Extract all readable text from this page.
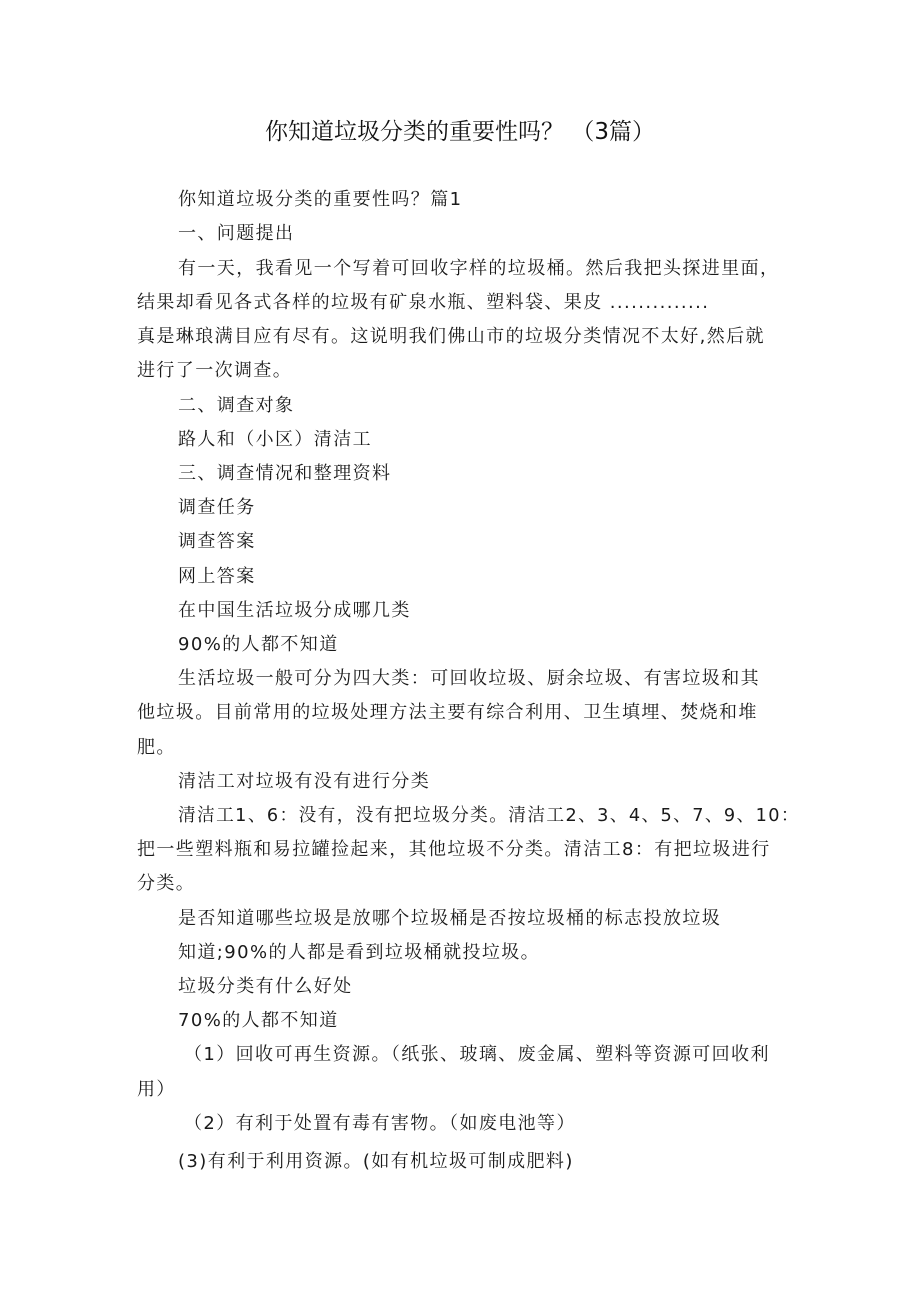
你知道垃圾分类的重要性吗？ （3篇）
你知道垃圾分类的重要性吗？篇1
一、问题提出
有一天，我看见一个写着可回收字样的垃圾桶。然后我把头探进里面，
结果却看见各式各样的垃圾有矿泉水瓶、塑料袋、果皮 ..............
真是琳琅满目应有尽有。这说明我们佛山市的垃圾分类情况不太好,然后就
进行了一次调查。
二、调查对象
路人和（小区）清洁工
三、调查情况和整理资料
调查任务
调查答案
网上答案
在中国生活垃圾分成哪几类
90%的人都不知道
生活垃圾一般可分为四大类：可回收垃圾、厨余垃圾、有害垃圾和其
他垃圾。目前常用的垃圾处理方法主要有综合利用、卫生填埋、焚烧和堆
肥。
清洁工对垃圾有没有进行分类
清洁工1、6：没有，没有把垃圾分类。清洁工2、3、4、5、7、9、10：
把一些塑料瓶和易拉罐捡起来，其他垃圾不分类。清洁工8：有把垃圾进行
分类。
是否知道哪些垃圾是放哪个垃圾桶是否按垃圾桶的标志投放垃圾
知道;90%的人都是看到垃圾桶就投垃圾。
垃圾分类有什么好处
70%的人都不知道
（1）回收可再生资源。（纸张、玻璃、废金属、塑料等资源可回收利
用）
（2）有利于处置有毒有害物。（如废电池等）
(3)有利于利用资源。(如有机垃圾可制成肥料)
